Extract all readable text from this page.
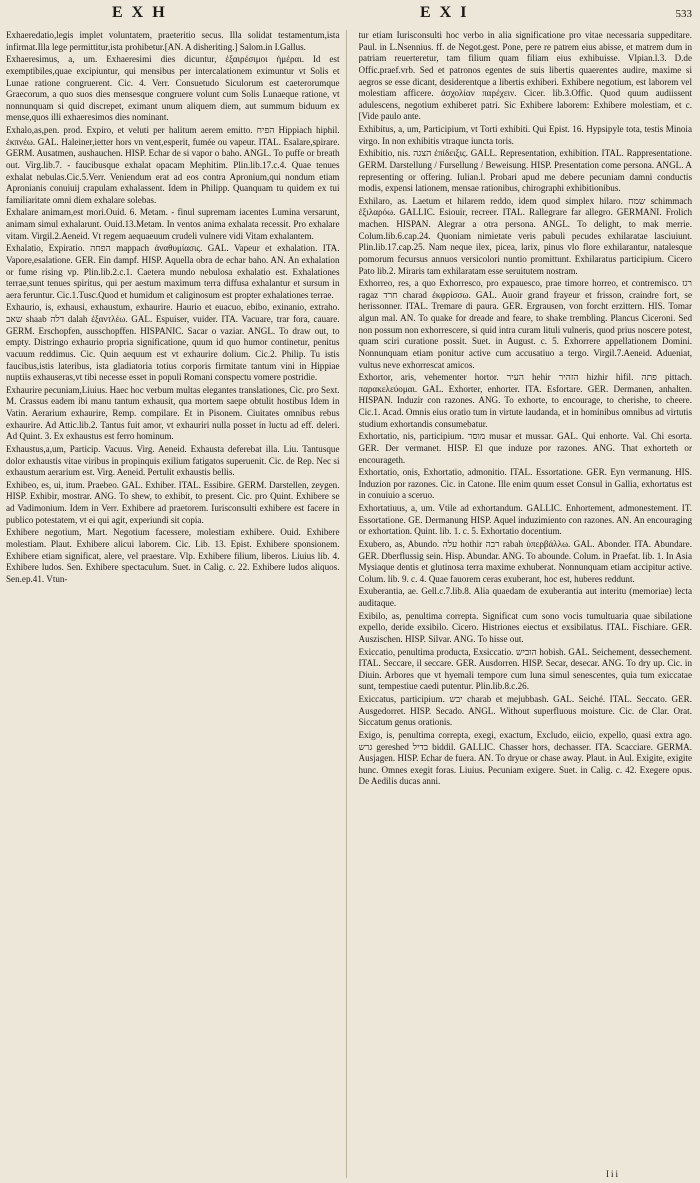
EXH	EXI	533

Exhaeredatio,legis implet voluntatem, praeteritio secus. Illa solidat testamentum,ista infirmat.Illa lege permittitur,ista prohibetur.[AN. A disheriting.] Salom.in I.Gallus.

Exhaeresimus, a, um. Exhaeresimi dies dicuntur, ἐξαιρέσιμοι ἡμέραι. Id est exemptibiles,quae excipiuntur, qui mensibus per intercalationem eximuntur vt Solis et Lunae ratione congruerent. Cic. 4. Verr. Consuetudo Siculorum est caeterorumque Graecorum, a quo suos dies mensesque congruere volunt cum Solis Lunaeque ratione, vt nonnunquam si quid discrepet, eximant unum aliquem diem, aut summum biduum ex mense,quos illi exhaeresimos dies nominant.

Exhalo,as,pen. prod. Expiro, et veluti per halitum aerem emitto. הפיח Hippiach hiphil. ἐκπνέω. GAL. Haleiner,ietter hors vn vent,esperit, fumée ou vapeur. ITAL. Esalare,spirare. GERM. Ausatmen, aushauchen. HISP. Echar de si vapor o baho. ANGL. To puffe or breath out. Virg.lib.7. - faucibusque exhalat opacam Mephitim. Plin.lib.17.c.4. Quae tenues exhalat nebulas.Cic.5.Verr. Veniendum erat ad eos contra Apronium,qui nondum etiam Apronianis conuiuij crapulam exhalassent. Idem in Philipp. Quanquam tu quidem ex tui familiaritate omni diem exhalare solebas.

Exhalare animam,est mori.Ouid. 6. Metam. - finul supremam iacentes Lumina versarunt, animam simul exhalarunt. Ouid.13.Metam. In ventos anima exhalata recessit. Pro exhalare vitam. Virgil.2.Aeneid. Vt regem aequaeuum crudeli vulnere vidi Vitam exhalantem.

Exhalatio, Expiratio. הפחה mappach ἀναθυμίασις. GAL. Vapeur et exhalation. ITA. Vapore,esalatione. GER. Ein dampf. HISP. Aquella obra de echar baho. AN. An exhalation or fume rising vp. Plin.lib.2.c.1. Caetera mundo nebulosa exhalatio est. Exhalationes terrae,sunt tenues spiritus, qui per aestum maximum terra diffusa exhalantur et sursum in aera feruntur. Cic.1.Tusc.Quod et humidum et caliginosum est propter exhalationes terrae.

Exhaurio, is, exhausi, exhaustum, exhaurire. Haurio et euacuo, ebibo, exinanio, extraho. שאב shaab דלה dalah ἐξαντλέω. GAL. Espuiser, vuider. ITA. Vacuare, trar fora, cauare. GERM. Erschopfen, ausschopffen. HISPANIC. Sacar o vaziar. ANGL. To draw out, to empty. Distringo exhaurio propria significatione, quum id quo humor continetur, penitus vacuum reddimus. Cic. Quin aequum est vt exhaurire dolium. Cic.2. Philip. Tu istis faucibus,istis lateribus, ista gladiatoria totius corporis firmitate tantum vini in Hippiae nuptiis exhauseras,vt tibi necesse esset in populi Romani conspectu vomere postridie.

Exhaurire pecuniam,Liuius. Haec hoc verbum multas elegantes translationes, Cic. pro Sext. M. Crassus eadem ibi manu tantum exhausit, qua mortem saepe obtulit hostibus Idem in Vatin. Aerarium exhaurire, Remp. compilare. Et in Pisonem. Ciuitates omnibus rebus exhaurire. Ad Attic.lib.2. Tantus fuit amor, vt exhauriri nulla posset in luctu ad eff. deleri. Ad Quint. 3. Ex exhaustus est ferro hominum.

Exhaustus,a,um, Particip. Vacuus. Virg. Aeneid. Exhausta deferebat illa. Liu. Tantusque dolor exhaustis vitae viribus in propinquis exilium fatigatos superuenit. Cic. de Rep. Nec si exhaustum aerarium est. Virg. Aeneid. Pertulit exhaustis bellis.

Exhibeo, es, ui, itum. Praebeo. GAL. Exhiber. ITAL. Essibire. GERM. Darstellen, zeygen. HISP. Exhibir, mostrar. ANG. To shew, to exhibit, to present. Cic. pro Quint. Exhibere se ad Vadimonium. Idem in Verr. Exhibere ad praetorem. Iurisconsulti exhibere est facere in publico potestatem, vt ei qui agit, experiundi sit copia.

Exhibere negotium, Mart. Negotium facessere, molestiam exhibere. Ouid. Exhibere molestiam. Plaut. Exhibere alicui laborem. Cic. Lib. 13. Epist. Exhibere sponsionem. Exhibere etiam significat, alere, vel praestare. Vlp. Exhibere filium, liberos. Liuius lib. 4. Exhibere ludos. Sen. Exhibere spectaculum. Suet. in Calig. c. 22. Exhibere ludos aliquos. Sen.ep.41. Vtun-

tur etiam Iurisconsulti hoc verbo in alia significatione pro vitae necessaria suppeditare. Paul. in L.Nsennius. ff. de Negot.gest. Pone, pere re patrem eius abisse, et matrem dum in patriam reuerteretur, tam filium quam filiam eius exhibuisse. Vlpian.l.3. D.de Offic.praef.vrb. Sed et patronos egentes de suis libertis quaerentes audire, maxime si aegros se esse dicant, desiderentque a libertis exhiberi. Exhibere negotium, est laborem vel molestiam afficere. ἀσχολίαν παρέχειν. Cicer. lib.3.Offic. Quod quum audiissent adulescens, negotium exhiberet patri. Sic Exhibere laborem: Exhibere molestiam, et c. [Vide paulo ante.

Exhibitus, a, um, Participium, vt Torti exhibiti. Qui Epist. 16. Hypsipyle tota, testis Minoia virgo. In non exhibitis vtraque iuncta toris.

Exhibitio, nis. הצגה ἐπίδειξις. GALL. Representation, exhibition. ITAL. Rappresentatione. GERM. Darstellung / Fursellung / Beweisung. HISP. Presentation come persona. ANGL. A representing or offering. Iulian.l. Probari apud me debere pecuniam damni conductis modis, expensi lationem, mensae rationibus, chirographi exhibitionibus.

Exhilaro, as. Laetum et hilarem reddo, idem quod simplex hilaro. שמח schimmach ἐξιλαρόω. GALLIC. Esiouir, recreer. ITAL. Rallegrare far allegro. GERMANI. Frolich machen. HISPAN. Alegrar a otra persona. ANGL. To delight, to mak merrie. Colum.lib.6.cap.24. Quoniam nimietate veris pabuli pecudes exhilaratae lasciuiunt. Plin.lib.17.cap.25. Nam neque ilex, picea, larix, pinus vlo flore exhilarantur, natalesque pomorum fecursus annuos versicolori nuntio promittunt. Exhilaratus participium. Cicero Pato lib.2. Miraris tam exhilaratam esse seruitutem nostram.

Exhorreo, res, a quo Exhorresco, pro expauesco, prae timore horreo, et contremisco. רגז ragaz חרד charad ἐκφρίσσω. GAL. Auoir grand frayeur et frisson, craindre fort, se herissonner. ITAL. Tremare di paura. GER. Ergrausen, von forcht erzittern. HIS. Tomar algun mal. AN. To quake for dreade and feare, to shake trembling. Plancus Ciceroni. Sed non possum non exhorrescere, si quid intra curam lituli vulneris, quod prius noscere potest, quam sciri curatione possit. Suet. in August. c. 5. Exhorrere appellationem Domini. Nonnunquam etiam ponitur active cum accusatiuo a tergo. Virgil.7.Aeneid. Adueniat, vultus neve exhorrescat amicos.

Exhortor, aris, vehementer hortor. העיר hehir הזהיר hizhir hifil. פתה pittach. παρακελεύομαι. GAL. Exhorter, enhorter. ITA. Esfortare. GER. Dermanen, anhalten. HISPAN. Induzir con razones. ANG. To exhorte, to encourage, to cherishe, to cheere. Cic.1. Acad. Omnis eius oratio tum in virtute laudanda, et in hominibus omnibus ad virtutis studium exhortandis consumebatur.

Exhortatio, nis, participium. מוסר musar et mussar. GAL. Qui enhorte. Val. Chi esorta. GER. Der vermanet. HISP. El que induze por razones. ANG. That exhorteth or encourageth.

Exhortatio, onis, Exhortatio, admonitio. ITAL. Essortatione. GER. Eyn vermanung. HIS. Induzion por razones. Cic. in Catone. Ille enim quum esset Consul in Gallia, exhortatus est in conuiuio a sceruo.

Exhortatiuus, a, um. Vtile ad exhortandum. GALLIC. Enhortement, admonestement. IT. Essortatione. GE. Dermanung HISP. Aquel induzimiento con razones. AN. An encouraging or exhortation. Quint. lib. 1. c. 5. Exhortatio docentium.

Exubero, as, Abundo. עלה hothir רבה rabah ὑπερβάλλω. GAL. Abonder. ITA. Abundare. GER. Dberflussig sein. Hisp. Abundar. ANG. To abounde. Colum. in Praefat. lib. 1. In Asia Mysiaque dentis et glutinosa terra maxime exhuberat. Nonnunquam etiam accipitur active. Colum. lib. 9. c. 4. Quae fauorem ceras exuberant, hoc est, huberes reddunt.

Exuberantia, ae. Gell.c.7.lib.8. Alia quaedam de exuberantia aut interitu (memoriae) lecta auditaque.

Exibilo, as, penultima correpta. Significat cum sono vocis tumultuaria quae sibilatione expello, deride exsibilo. Cicero. Histriones eiectus et exsibilatus. ITAL. Fischiare. GER. Auszischen. HISP. Silvar. ANG. To hisse out.

Exiccatio, penultima producta, Exsiccatio. הוביש hobish. GAL. Seichement, dessechement. ITAL. Seccare, il seccare. GER. Ausdorren. HISP. Secar, desecar. ANG. To dry up. Cic. in Diuin. Arbores que vt hyemali tempore cum luna simul senescentes, quia tum exiccatae sunt, tempestiue caedi putentur. Plin.lib.8.c.26.

Exiccatus, participium. יבש charab et mejubbash. GAL. Seiché. ITAL. Seccato. GER. Ausgedorret. HISP. Secado. ANGL. Without superfluous moisture. Cic. de Clar. Orat. Siccatum genus orationis.

Exigo, is, penultima correpta, exegi, exactum, Excludo, eiicio, expello, quasi extra ago. גרש gereshed בדיל biddil. GALLIC. Chasser hors, dechasser. ITA. Scacciare. GERMA. Ausjagen. HISP. Echar de fuera. AN. To dryue or chase away. Plaut. in Aul. Exigite, exigite hunc. Omnes exegit foras. Liuius. Pecuniam exigere. Suet. in Calig. c. 42. Exegere opus. De Aedilis ducas anni.

Iii
